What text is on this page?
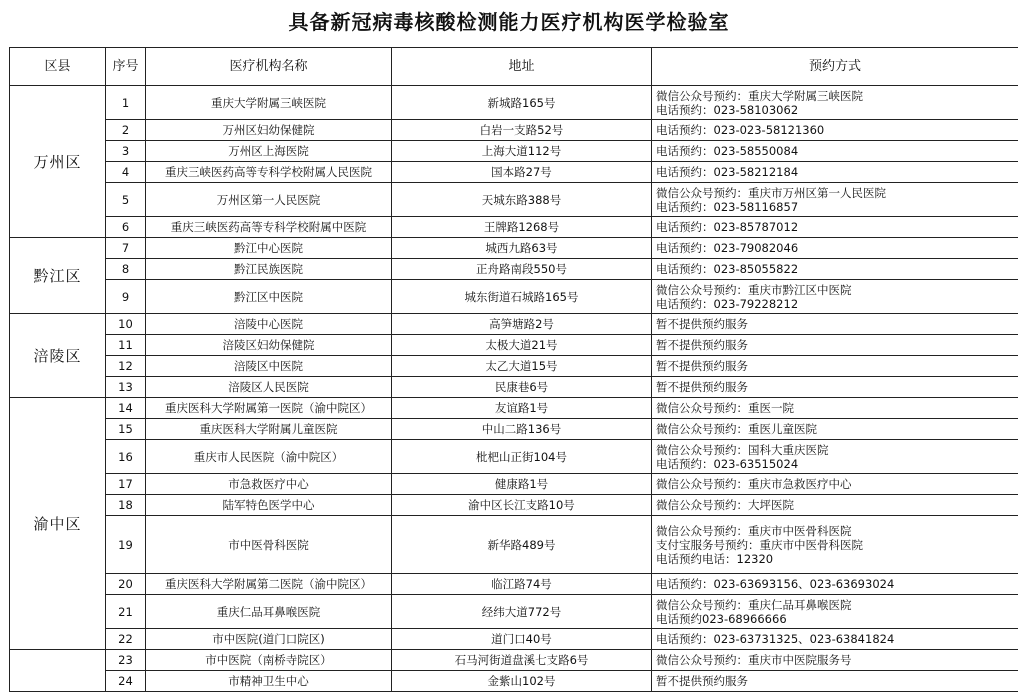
具备新冠病毒核酸检测能力医疗机构医学检验室
区县	序号	医疗机构名称	地址	预约方式
万州区	1	重庆大学附属三峡医院	新城路165号	微信公众号预约：重庆大学附属三峡医院
电话预约：023-58103062

	2	万州区妇幼保健院	白岩一支路52号	电话预约：023-023-58121360

	3	万州区上海医院	上海大道112号	电话预约：023-58550084

	4	重庆三峡医药高等专科学校附属人民医院	国本路27号	电话预约：023-58212184

	5	万州区第一人民医院	天城东路388号	微信公众号预约：重庆市万州区第一人民医院
电话预约：023-58116857

	6	重庆三峡医药高等专科学校附属中医院	王牌路1268号	电话预约：023-85787012

黔江区	7	黔江中心医院	城西九路63号	电话预约：023-79082046

	8	黔江民族医院	正舟路南段550号	电话预约：023-85055822

	9	黔江区中医院	城东街道石城路165号	微信公众号预约：重庆市黔江区中医院
电话预约：023-79228212

涪陵区	10	涪陵中心医院	高笋塘路2号	暂不提供预约服务

	11	涪陵区妇幼保健院	太极大道21号	暂不提供预约服务

	12	涪陵区中医院	太乙大道15号	暂不提供预约服务

	13	涪陵区人民医院	民康巷6号	暂不提供预约服务

渝中区	14	重庆医科大学附属第一医院（渝中院区）	友谊路1号	微信公众号预约：重医一院

	15	重庆医科大学附属儿童医院	中山二路136号	微信公众号预约：重医儿童医院

	16	重庆市人民医院（渝中院区）	枇杷山正街104号	微信公众号预约：国科大重庆医院
电话预约：023-63515024

	17	市急救医疗中心	健康路1号	微信公众号预约：重庆市急救医疗中心

	18	陆军特色医学中心	渝中区长江支路10号	微信公众号预约：大坪医院

	19	市中医骨科医院	新华路489号	微信公众号预约：重庆市中医骨科医院
支付宝服务号预约：重庆市中医骨科医院
电话预约电话：12320

	20	重庆医科大学附属第二医院（渝中院区）	临江路74号	电话预约：023-63693156、023-63693024

	21	重庆仁品耳鼻喉医院	经纬大道772号	微信公众号预约：重庆仁品耳鼻喉医院
电话预约023-68966666

	22	市中医院(道门口院区)	道门口40号	电话预约：023-63731325、023-63841824

	23	市中医院（南桥寺院区）	石马河街道盘溪七支路6号	微信公众号预约：重庆市中医院服务号

	24	市精神卫生中心	金紫山102号	暂不提供预约服务
